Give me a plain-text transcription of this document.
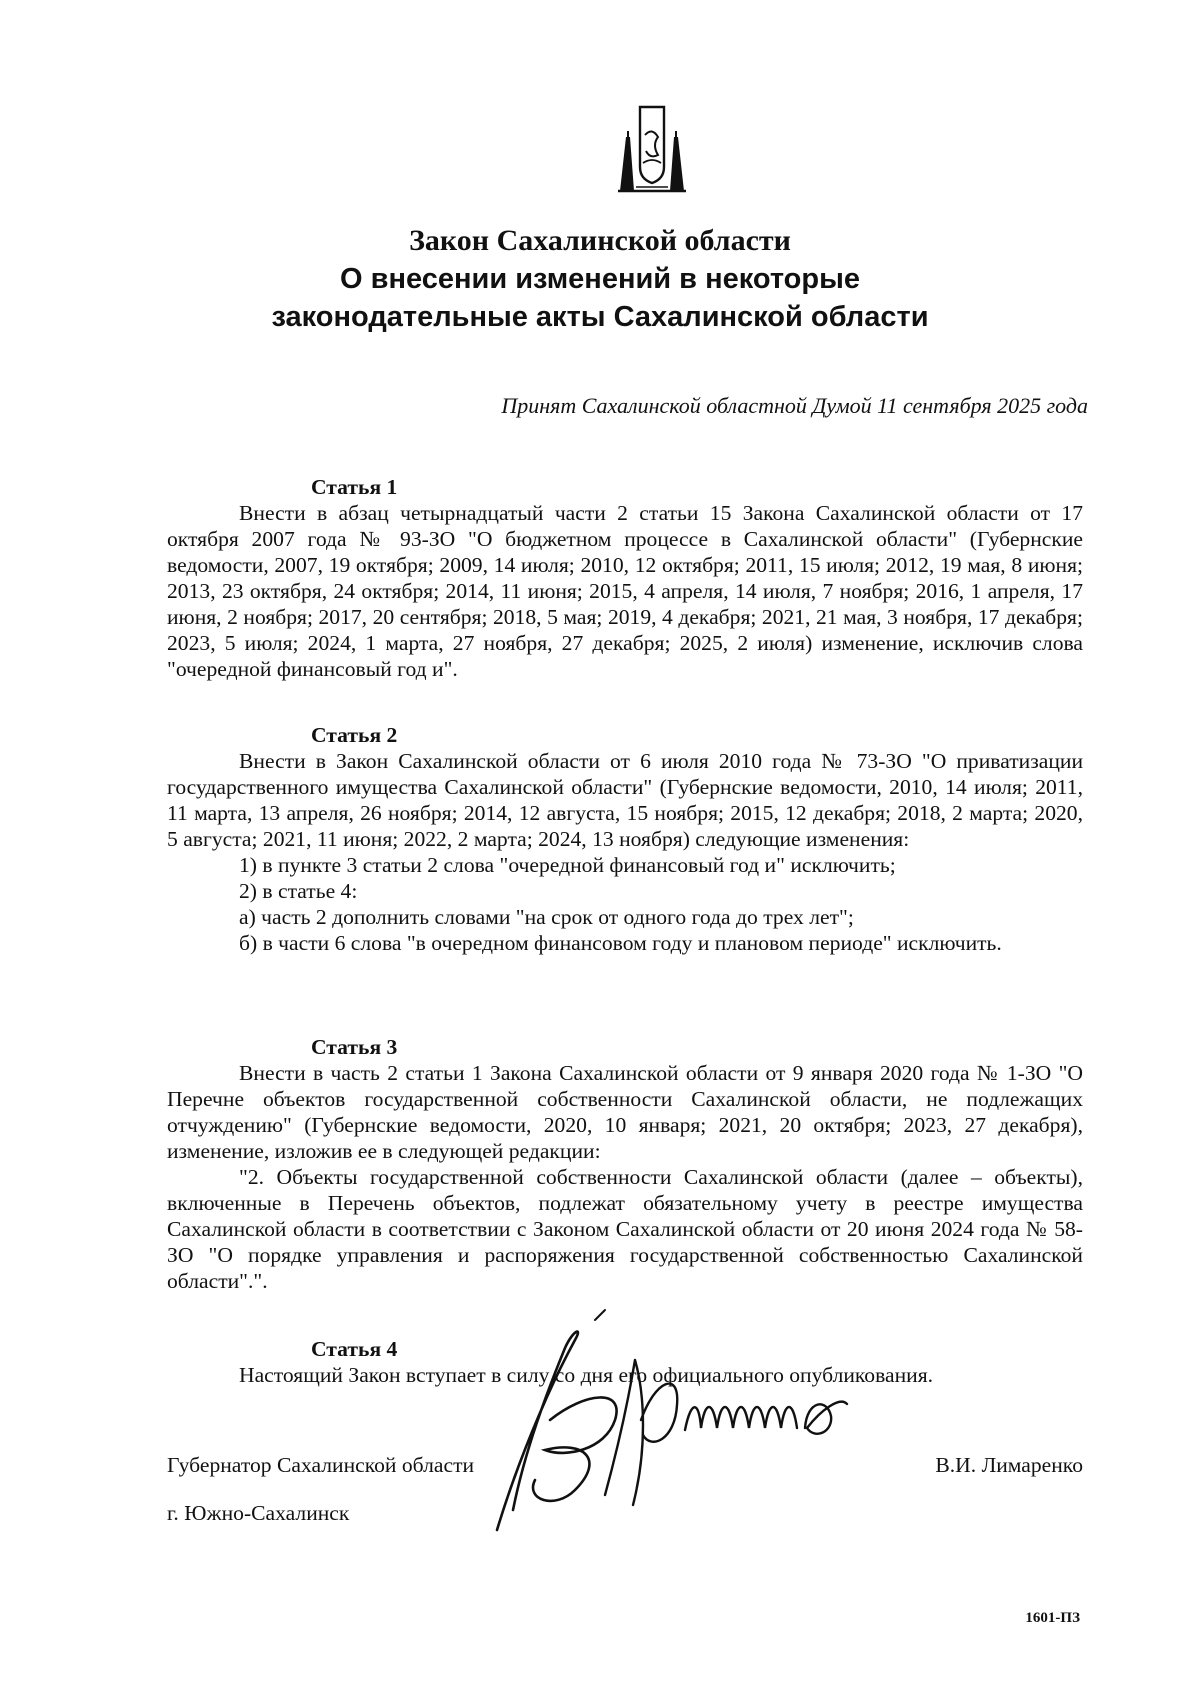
Закон Сахалинской области
О внесении изменений в некоторые
законодательные акты Сахалинской области
Принят Сахалинской областной Думой 11 сентября 2025 года

Статья 1

Внести в абзац четырнадцатый части 2 статьи 15 Закона Сахалинской области от 17 октября 2007 года № 93-ЗО "О бюджетном процессе в Сахалинской области" (Губернские ведомости, 2007, 19 октября; 2009, 14 июля; 2010, 12 октября; 2011, 15 июля; 2012, 19 мая, 8 июня; 2013, 23 октября, 24 октября; 2014, 11 июня; 2015, 4 апреля, 14 июля, 7 ноября; 2016, 1 апреля, 17 июня, 2 ноября; 2017, 20 сентября; 2018, 5 мая; 2019, 4 декабря; 2021, 21 мая, 3 ноября, 17 декабря; 2023, 5 июля; 2024, 1 марта, 27 ноября, 27 декабря; 2025, 2 июля) изменение, исключив слова "очередной финансовый год и".

Статья 2

Внести в Закон Сахалинской области от 6 июля 2010 года № 73-ЗО "О приватизации государственного имущества Сахалинской области" (Губернские ведомости, 2010, 14 июля; 2011, 11 марта, 13 апреля, 26 ноября; 2014, 12 августа, 15 ноября; 2015, 12 декабря; 2018, 2 марта; 2020, 5 августа; 2021, 11 июня; 2022, 2 марта; 2024, 13 ноября) следующие изменения:

1) в пункте 3 статьи 2 слова "очередной финансовый год и" исключить;

2) в статье 4:

а) часть 2 дополнить словами "на срок от одного года до трех лет";

б) в части 6 слова "в очередном финансовом году и плановом периоде" исключить.

Статья 3

Внести в часть 2 статьи 1 Закона Сахалинской области от 9 января 2020 года № 1-ЗО "О Перечне объектов государственной собственности Сахалинской области, не подлежащих отчуждению" (Губернские ведомости, 2020, 10 января; 2021, 20 октября; 2023, 27 декабря), изменение, изложив ее в следующей редакции:

"2. Объекты государственной собственности Сахалинской области (далее – объекты), включенные в Перечень объектов, подлежат обязательному учету в реестре имущества Сахалинской области в соответствии с Законом Сахалинской области от 20 июня 2024 года № 58-ЗО "О порядке управления и распоряжения государственной собственностью Сахалинской области".".

Статья 4

Настоящий Закон вступает в силу со дня его официального опубликования.

Губернатор Сахалинской области	В.И. Лимаренко
г. Южно-Сахалинск
1601-ПЗ
